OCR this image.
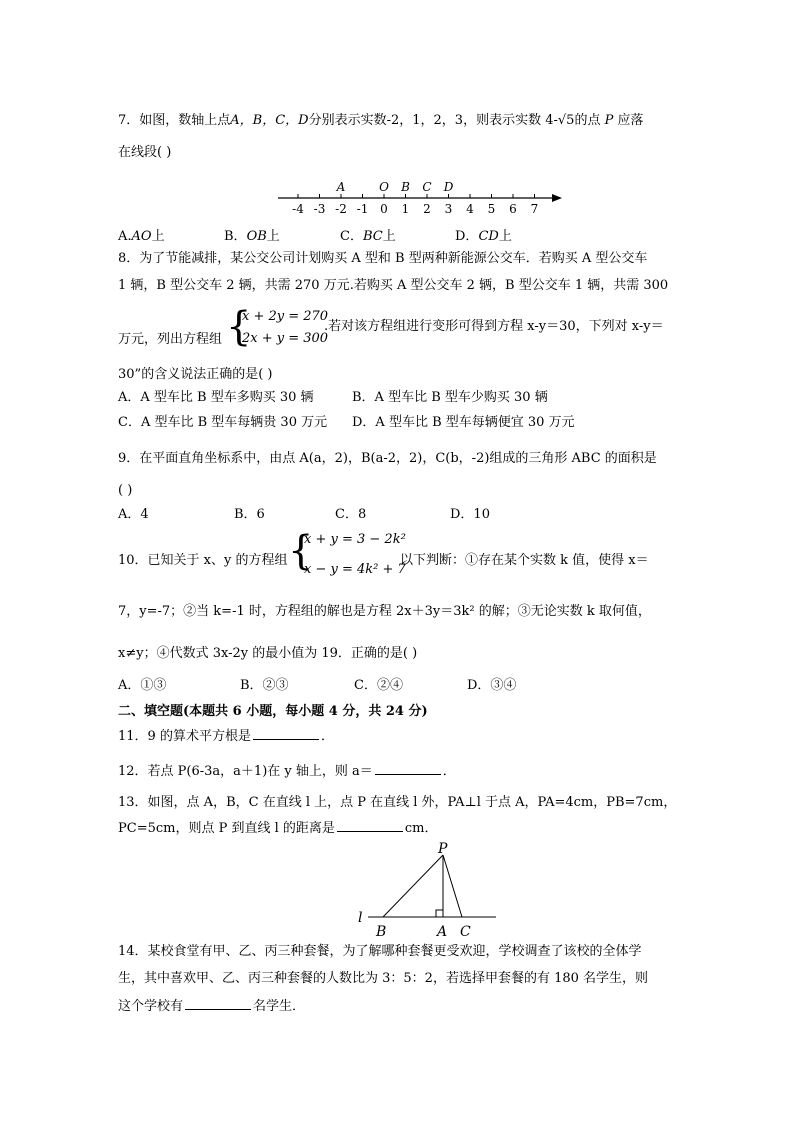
7．如图，数轴上点A，B，C，D分别表示实数-2，1，2，3，则表示实数 4-√5的点 P 应落
在线段( )
A	O B C D
-4 -3 -2 -1 0 1 2 3 4 5 6 7
A.AO上	B．OB上	C．BC上	D．CD上
8．为了节能减排，某公交公司计划购买 A 型和 B 型两种新能源公交车．若购买 A 型公交车
1 辆，B 型公交车 2 辆，共需 270 万元.若购买 A 型公交车 2 辆，B 型公交车 1 辆，共需 300
万元，列出方程组 {
x + 2y = 270
2x + y = 300
.若对该方程组进行变形可得到方程 x-y＝30，下列对 x-y＝
30”的含义说法正确的是( )
A．A 型车比 B 型车多购买 30 辆	B．A 型车比 B 型车少购买 30 辆
C．A 型车比 B 型车每辆贵 30 万元 D．A 型车比 B 型车每辆便宜 30 万元
9．在平面直角坐标系中，由点 A(a，2)，B(a-2，2)，C(b，-2)组成的三角形 ABC 的面积是
( )
A．4	B．6	C．8	D．10
10．已知关于 x、y 的方程组 {
x + y = 3 − 2k²
x − y = 4k² + 7
以下判断：①存在某个实数 k 值，使得 x＝
7，y=-7；②当 k=-1 时，方程组的解也是方程 2x＋3y＝3k² 的解；③无论实数 k 取何值，
x≠y；④代数式 3x-2y 的最小值为 19．正确的是( )
A．①③	B．②③	C．②④	D．③④
二、填空题(本题共 6 小题，每小题 4 分，共 24 分)
11．9 的算术平方根是	．
12．若点 P(6-3a，a＋1)在 y 轴上，则 a＝	．
13．如图，点 A，B，C 在直线 l 上，点 P 在直线 l 外，PA⊥l 于点 A，PA=4cm，PB=7cm，
PC=5cm，则点 P 到直线 l 的距离是	cm．
P
l
B	A C
14．某校食堂有甲、乙、丙三种套餐，为了解哪种套餐更受欢迎，学校调查了该校的全体学
生，其中喜欢甲、乙、丙三种套餐的人数比为 3：5：2，若选择甲套餐的有 180 名学生，则
这个学校有	名学生．
